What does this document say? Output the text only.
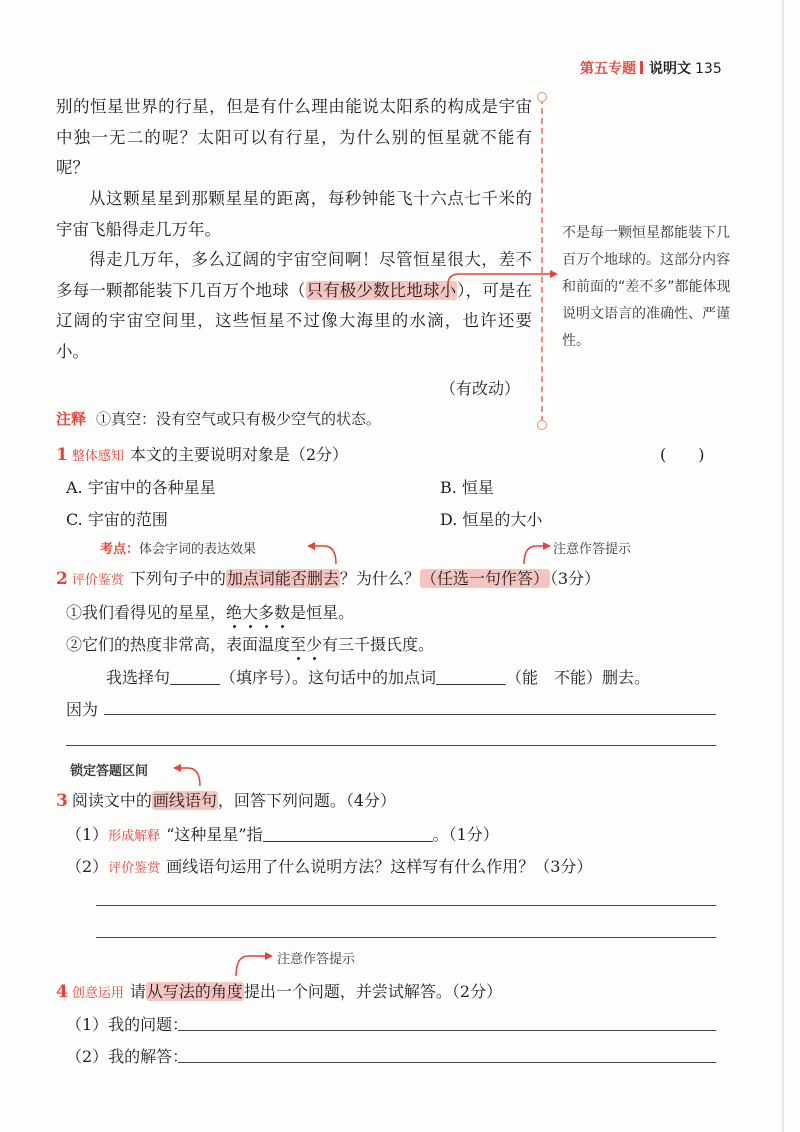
第五专题 说明文 135
别的恒星世界的行星，但是有什么理由能说太阳系的构成是宇宙中独一无二的呢？太阳可以有行星，为什么别的恒星就不能有呢？
从这颗星星到那颗星星的距离，每秒钟能飞十六点七千米的宇宙飞船得走几万年。
得走几万年，多么辽阔的宇宙空间啊！尽管恒星很大，差不多每一颗都能装下几百万个地球（只有极少数比地球小），可是在辽阔的宇宙空间里，这些恒星不过像大海里的水滴，也许还要小。
（有改动）
不是每一颗恒星都能装下几百万个地球的。这部分内容和前面的“差不多”都能体现说明文语言的准确性、严谨性。
注释 ①真空：没有空气或只有极少空气的状态。
1 整体感知 本文的主要说明对象是（2分）	(　　)
A. 宇宙中的各种星星	B. 恒星
C. 宇宙的范围	D. 恒星的大小
考点：体会字词的表达效果	注意作答提示
2 评价鉴赏 下列句子中的加点词能否删去？为什么？（任选一句作答）（3分）
①我们看得见的星星，绝大多数是恒星。
②它们的热度非常高，表面温度至少有三千摄氏度。
我选择句	（填序号）。这句话中的加点词	（能　不能）删去。
因为
锁定答题区间
3 阅读文中的画线语句，回答下列问题。（4分）
（1）形成解释 “这种星星”指	。（1分）
（2）评价鉴赏 画线语句运用了什么说明方法？这样写有什么作用？（3分）
注意作答提示
4 创意运用 请从写法的角度提出一个问题，并尝试解答。（2分）
（1）我的问题：
（2）我的解答：
